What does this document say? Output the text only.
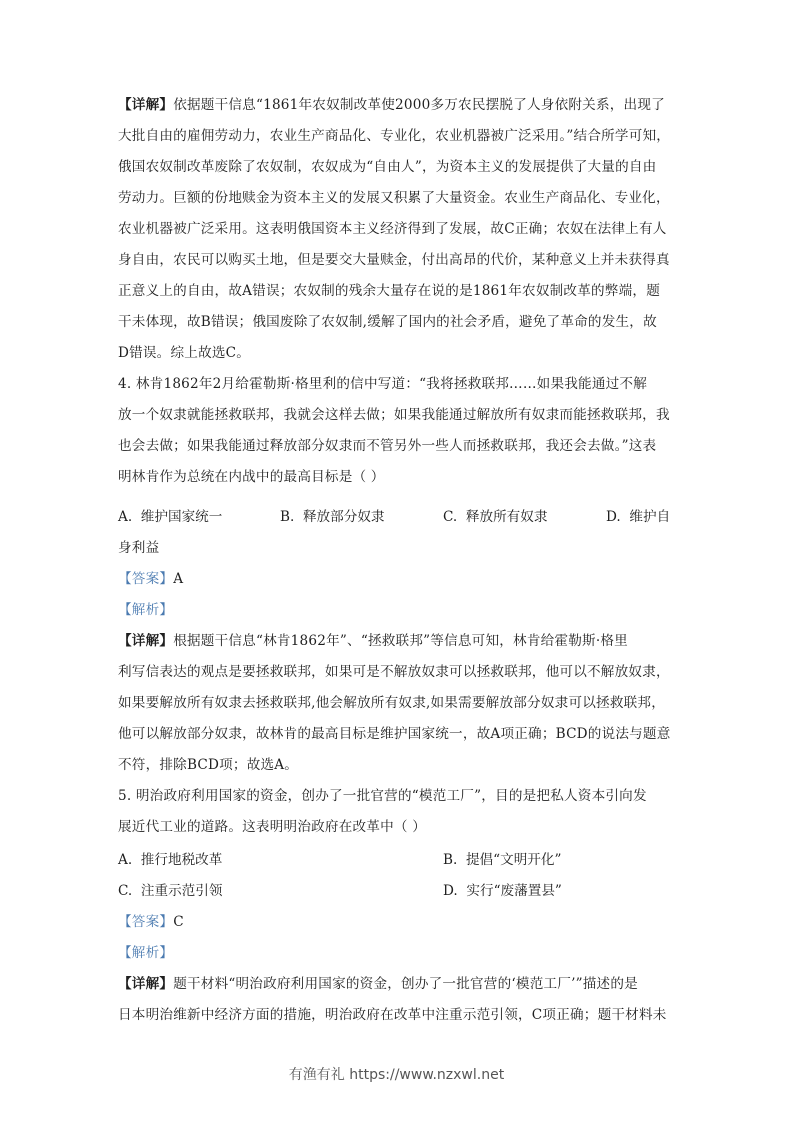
【详解】依据题干信息“1861年农奴制改革使2000多万农民摆脱了人身依附关系，出现了
大批自由的雇佣劳动力，农业生产商品化、专业化，农业机器被广泛采用。”结合所学可知，
俄国农奴制改革废除了农奴制，农奴成为“自由人”，为资本主义的发展提供了大量的自由
劳动力。巨额的份地赎金为资本主义的发展又积累了大量资金。农业生产商品化、专业化，
农业机器被广泛采用。这表明俄国资本主义经济得到了发展，故C正确；农奴在法律上有人
身自由，农民可以购买土地，但是要交大量赎金，付出高昂的代价，某种意义上并未获得真
正意义上的自由，故A错误；农奴制的残余大量存在说的是1861年农奴制改革的弊端，题
干未体现，故B错误；俄国废除了农奴制,缓解了国内的社会矛盾，避免了革命的发生，故
D错误。综上故选C。
4. 林肯1862年2月给霍勒斯·格里利的信中写道：“我将拯救联邦……如果我能通过不解
放一个奴隶就能拯救联邦，我就会这样去做；如果我能通过解放所有奴隶而能拯救联邦，我
也会去做；如果我能通过释放部分奴隶而不管另外一些人而拯救联邦，我还会去做。”这表
明林肯作为总统在内战中的最高目标是（ ）
A. 维护国家统一	B. 释放部分奴隶	C. 释放所有奴隶	D. 维护自
身利益
【答案】A
【解析】
【详解】根据题干信息“林肯1862年”、“拯救联邦”等信息可知，林肯给霍勒斯·格里
利写信表达的观点是要拯救联邦，如果可是不解放奴隶可以拯救联邦，他可以不解放奴隶，
如果要解放所有奴隶去拯救联邦,他会解放所有奴隶,如果需要解放部分奴隶可以拯救联邦，
他可以解放部分奴隶，故林肯的最高目标是维护国家统一，故A项正确；BCD的说法与题意
不符，排除BCD项；故选A。
5. 明治政府利用国家的资金，创办了一批官营的“模范工厂”，目的是把私人资本引向发
展近代工业的道路。这表明明治政府在改革中（ ）
A. 推行地税改革	B. 提倡“文明开化”
C. 注重示范引领	D. 实行“废藩置县”
【答案】C
【解析】
【详解】题干材料“明治政府利用国家的资金，创办了一批官营的‘模范工厂’”描述的是
日本明治维新中经济方面的措施，明治政府在改革中注重示范引领，C项正确；题干材料未
有渔有礼 https://www.nzxwl.net
